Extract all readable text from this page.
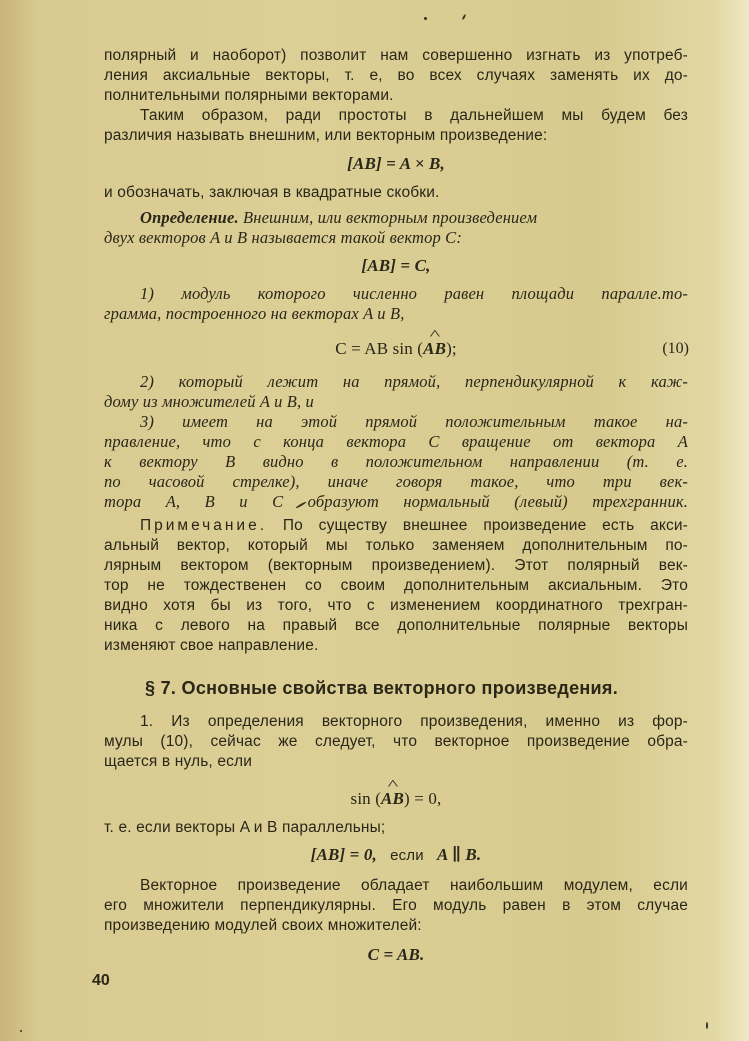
полярный и наоборот) позволит нам совершенно изгнать из употреб-
ления аксиальные векторы, т. е, во всех случаях заменять их до-
полнительными полярными векторами.
Таким образом, ради простоты в дальнейшем мы будем без
различия называть внешним, или векторным произведение:
[AB] = A × B,
и обозначать, заключая в квадратные скобки.
Определение. Внешним, или векторным произведением
двух векторов A и B называется такой вектор C:
[AB] = C,
1) модуль которого численно равен площади паралле.то-
грамма, построенного на векторах A и B,
C = AB sin (^ AB);	(10)
2) который лежит на прямой, перпендикулярной к каж-
дому из множителей A и B, и
3) имеет на этой прямой положительным такое на-
правление, что с конца вектора C вращение от вектора A
к вектору B видно в положительном направлении (т. е.
по часовой стрелке), иначе говоря такое, что три век-
тора A, B и C образуют нормальный (левый) трехгранник.
Примечание. По существу внешнее произведение есть акси-
альный вектор, который мы только заменяем дополнительным по-
лярным вектором (векторным произведением). Этот полярный век-
тор не тождественен со своим дополнительным аксиальным. Это
видно хотя бы из того, что с изменением координатного трехгран-
ника с левого на правый все дополнительные полярные векторы
изменяют свое направление.
§ 7. Основные свойства векторного произведения.
1. Из определения векторного произведения, именно из фор-
мулы (10), сейчас же следует, что векторное произведение обра-
щается в нуль, если
sin (^ AB) = 0,
т. е. если векторы A и B параллельны;
[AB] = 0, если A ∥ B.
Векторное произведение обладает наибольшим модулем, если
его множители перпендикулярны. Его модуль равен в этом случае
произведению модулей своих множителей:
C = AB.
40
